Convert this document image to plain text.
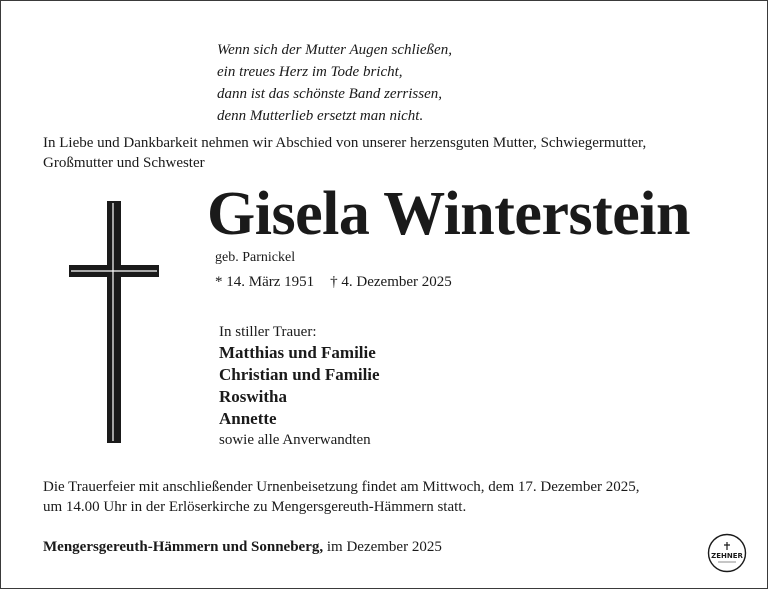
Wenn sich der Mutter Augen schließen,
ein treues Herz im Tode bricht,
dann ist das schönste Band zerrissen,
denn Mutterlieb ersetzt man nicht.
In Liebe und Dankbarkeit nehmen wir Abschied von unserer herzensguten Mutter, Schwiegermutter,
Großmutter und Schwester
Gisela Winterstein
geb. Parnickel
* 14. März 1951 † 4. Dezember 2025
In stiller Trauer:
Matthias und Familie
Christian und Familie
Roswitha
Annette
sowie alle Anverwandten
Die Trauerfeier mit anschließender Urnenbeisetzung findet am Mittwoch, dem 17. Dezember 2025,
um 14.00 Uhr in der Erlöserkirche zu Mengersgereuth-Hämmern statt.
Mengersgereuth-Hämmern und Sonneberg, im Dezember 2025
ZEHNER
